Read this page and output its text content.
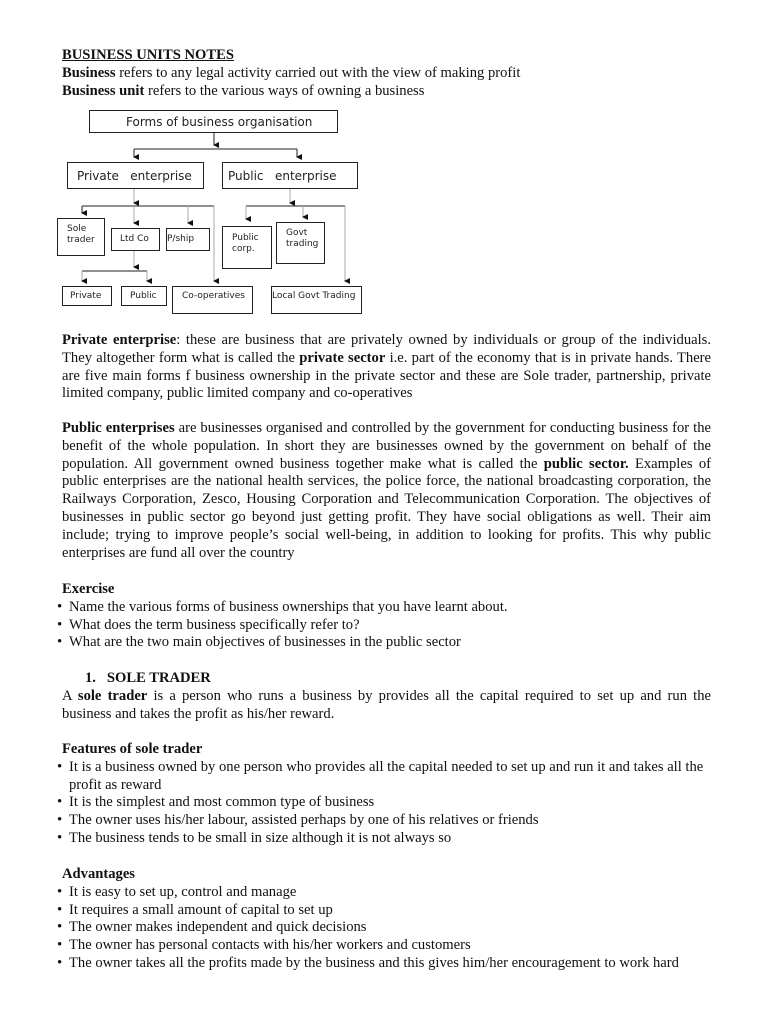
BUSINESS UNITS NOTES

Business refers to any legal activity carried out with the view of making profit

Business unit refers to the various ways of owning a business

Forms of business organisation
Private   enterprise	Public   enterprise
Sole trader	Ltd Co	P/ship	Public corp.
Govt trading
Private	Public	Co-operatives	Local Govt Trading

Private enterprise: these are business that are privately owned by individuals or group of the individuals. They altogether form what is called the private sector i.e. part of the economy that is in private hands. There are five main forms f business ownership in the private sector and these are Sole trader, partnership, private limited company, public limited company and co-operatives

Public enterprises are businesses organised and controlled by the government for conducting business for the benefit of the whole population. In short they are businesses owned by the government on behalf of the population. All government owned business together make what is called the public sector. Examples of public enterprises are the national health services, the police force, the national broadcasting corporation, the Railways Corporation, Zesco, Housing Corporation and Telecommunication Corporation. The objectives of businesses in public sector go beyond just getting profit. They have social obligations as well. Their aim include; trying to improve people’s social well-being, in addition to looking for profits. This why public enterprises are fund all over the country

Exercise

• Name the various forms of business ownerships that you have learnt about.
• What does the term business specifically refer to?
• What are the two main objectives of businesses in the public sector

1.   SOLE TRADER

A sole trader is a person who runs a business by provides all the capital required to set up and run the business and takes the profit as his/her reward.

Features of sole trader

• It is a business owned by one person who provides all the capital needed to set up and run it and takes all the profit as reward
• It is the simplest and most common type of business
• The owner uses his/her labour, assisted perhaps by one of his relatives or friends
• The business tends to be small in size although it is not always so

Advantages

• It is easy to set up, control and manage
• It requires a small amount of capital to set up
• The owner makes independent and quick decisions
• The owner has personal contacts with his/her workers and customers
• The owner takes all the profits made by the business and this gives him/her encouragement to work hard
